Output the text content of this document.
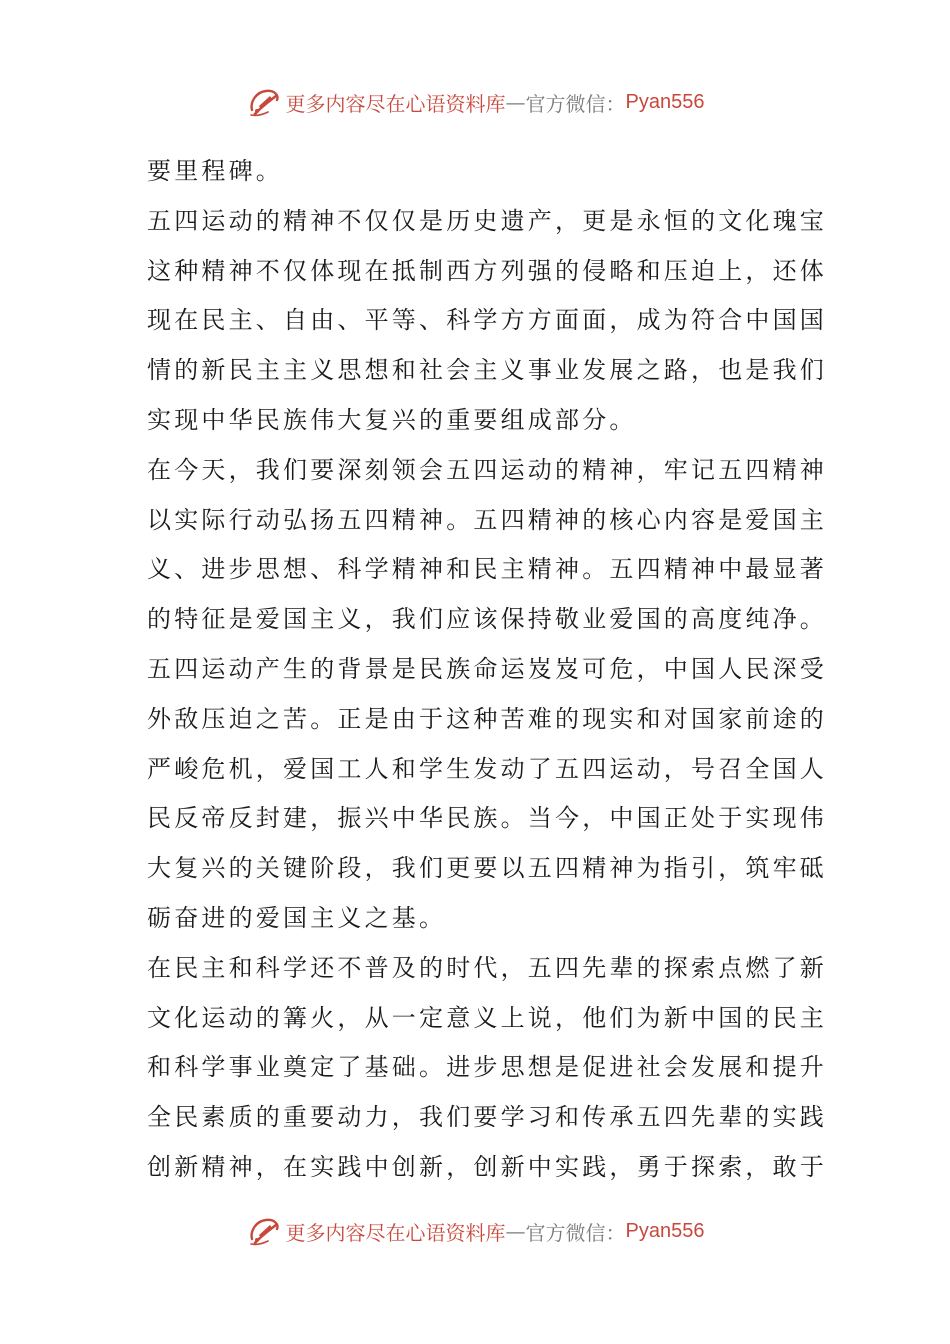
更多内容尽在心语资料库 — 官方微信： Pyan556
要里程碑。
五四运动的精神不仅仅是历史遗产，更是永恒的文化瑰宝
这种精神不仅体现在抵制西方列强的侵略和压迫上，还体
现在民主、自由、平等、科学方方面面，成为符合中国国
情的新民主主义思想和社会主义事业发展之路，也是我们
实现中华民族伟大复兴的重要组成部分。
在今天，我们要深刻领会五四运动的精神，牢记五四精神
以实际行动弘扬五四精神。五四精神的核心内容是爱国主
义、进步思想、科学精神和民主精神。五四精神中最显著
的特征是爱国主义，我们应该保持敬业爱国的高度纯净。
五四运动产生的背景是民族命运岌岌可危，中国人民深受
外敌压迫之苦。正是由于这种苦难的现实和对国家前途的
严峻危机，爱国工人和学生发动了五四运动，号召全国人
民反帝反封建，振兴中华民族。当今，中国正处于实现伟
大复兴的关键阶段，我们更要以五四精神为指引，筑牢砥
砺奋进的爱国主义之基。
在民主和科学还不普及的时代，五四先辈的探索点燃了新
文化运动的篝火，从一定意义上说，他们为新中国的民主
和科学事业奠定了基础。进步思想是促进社会发展和提升
全民素质的重要动力，我们要学习和传承五四先辈的实践
创新精神，在实践中创新，创新中实践，勇于探索，敢于
更多内容尽在心语资料库 — 官方微信： Pyan556
